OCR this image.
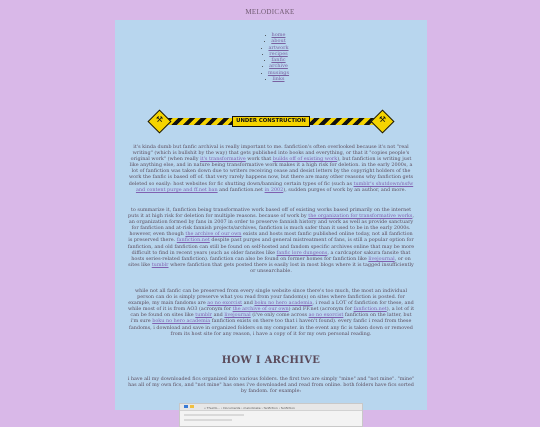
MELODICAKE
• home
• about
• artwork
• recipes
• fanfic
• archive
• musings
• links
⚒	⚒
UNDER CONSTRUCTION

it's kinda dumb but fanfic archival is really important to me. fanfiction's often overlooked because it's not "real writing" (which is bullshit by the way) that gets published into books and everything, or that it "copies people's original work" (when really it's transformative work that builds off of existing work), but fanfiction is writing just like anything else, and in nature being transformative work makes it a high risk for deletion. in the early 2000s, a lot of fanfiction was taken down due to writers receiving cease and desist letters by the copyright holders of the work the fanfic is based off of. that very rarely happens now, but there are many other reasons why fanfiction gets deleted so easily: host websites for fic shutting down/banning certain types of fic (such as tumblr's shutdown/nsfw and content purge and ff.net ban and fanfiction.net in 2002), sudden purges of work by an author, and more.

to summarize it, fanfiction being transformative work based off of existing works based primarily on the internet puts it at high risk for deletion for multiple reasons. because of work by the organization for transformative works, an organization formed by fans in 2007 in order to preserve fannish history and work as well as provide sanctuary for fanfiction and at-risk fannish projects/archives, fanfiction is much safer than it used to be in the early 2000s. however, even though the archive of our own exists and hosts most fanfic published online today, not all fanfiction is preserved there. fanfiction.net despite past purges and general mistreatment of fans, is still a popular option for fanfiction, and old fanfiction can still be found on self-hosted and fandom specific archives online that may be more difficult to find in recent years (such as older fansites like fanfic lore dungeons, a cardcaptor sakura fansite that hosts series-related fanfiction). fanfiction can also be found on former homes for fanfiction like livejournal, or on sites like tumblr where fanfiction that gets posted there is easily lost in most blogs where it is tagged insufficiently or unsearchable.

while not all fanfic can be preserved from every single website since there's too much, the most an individual person can do is simply preserve what you read from your fandom(s) on sites where fanfiction is posted. for example, my main fandoms are ao no exorcist and boku no hero academia, i read a LOT of fanfiction for these, and while most of it is from AO3 (acronym for the archive of our own) and FF.net (acronym for fanfiction.net), a lot of it can be found on sites like tumblr and livejournal (i've only come across ao no exorcist fanfiction on the latter, but i'm sure boku no hero academia fanfiction exists on there too that i haven't found). every fanfic i read from these fandoms, i download and save in organized folders on my computer. in the event any fic is taken down or removed from its host site for any reason, i have a copy of it for my own personal reading.

HOW I ARCHIVE

i have all my downloaded fics organized into various folders. the first two are simply "mine" and "not mine". "mine" has all of my own fics, and "not mine" has ones i've downloaded and read from online. both folders have fics sorted by fandom. for example:

« Thumb... › Documents › melodicake › fanfiction › fanfiction
